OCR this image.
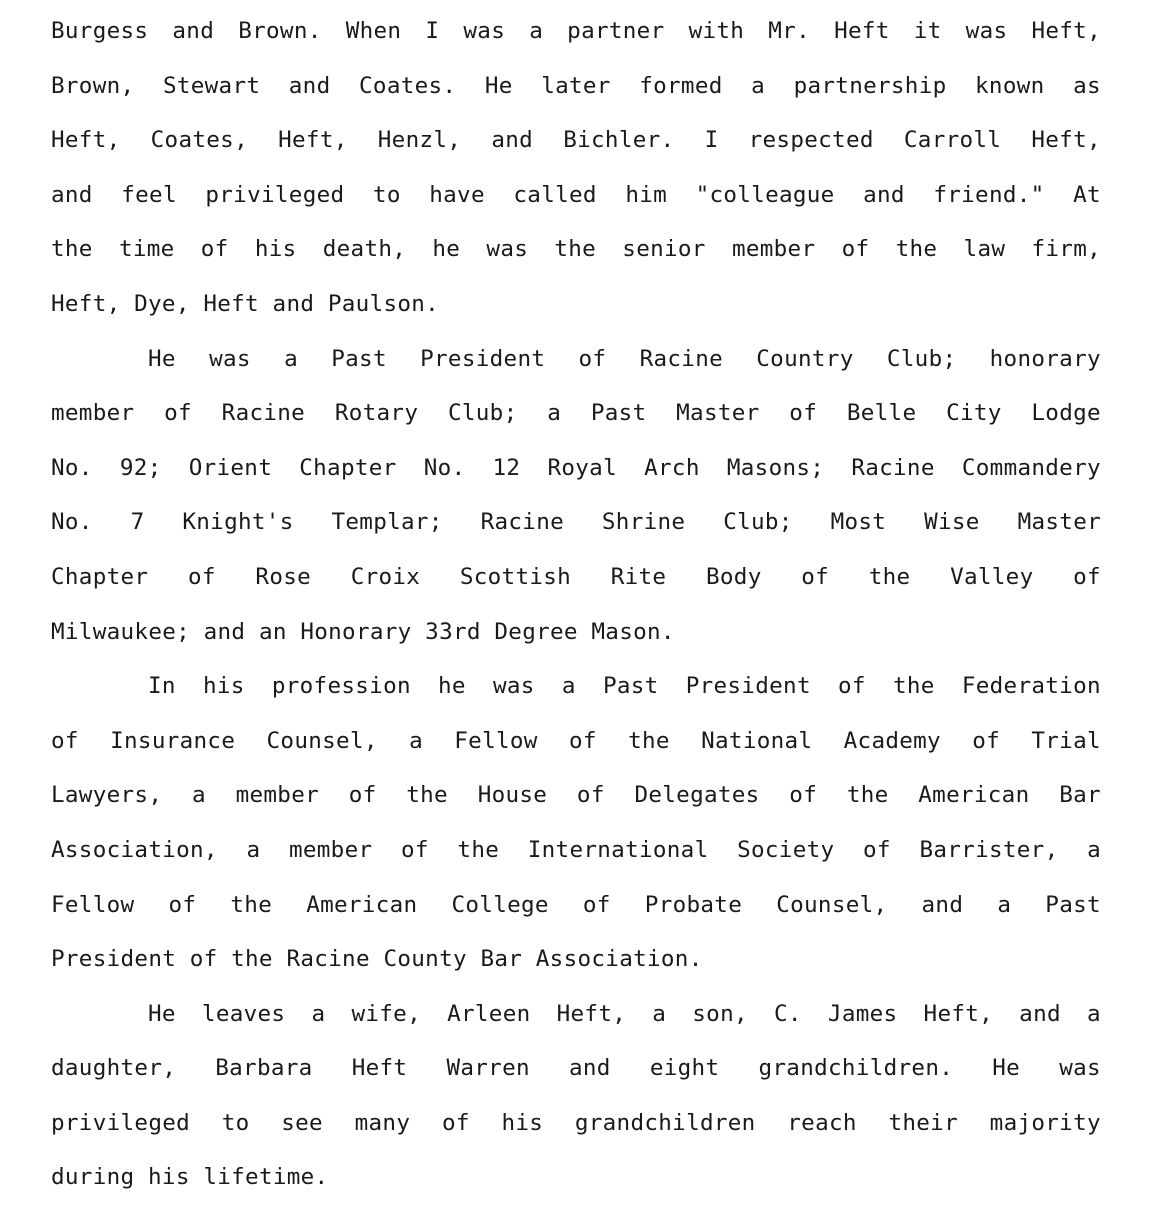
Burgess and Brown. When I was a partner with Mr. Heft it was Heft,
Brown, Stewart and Coates. He later formed a partnership known as
Heft, Coates, Heft, Henzl, and Bichler. I respected Carroll Heft,
and feel privileged to have called him "colleague and friend." At
the time of his death, he was the senior member of the law firm,
Heft, Dye, Heft and Paulson.
He was a Past President of Racine Country Club; honorary
member of Racine Rotary Club; a Past Master of Belle City Lodge
No. 92; Orient Chapter No. 12 Royal Arch Masons; Racine Commandery
No. 7 Knight's Templar; Racine Shrine Club; Most Wise Master
Chapter of Rose Croix Scottish Rite Body of the Valley of
Milwaukee; and an Honorary 33rd Degree Mason.
In his profession he was a Past President of the Federation
of Insurance Counsel, a Fellow of the National Academy of Trial
Lawyers, a member of the House of Delegates of the American Bar
Association, a member of the International Society of Barrister, a
Fellow of the American College of Probate Counsel, and a Past
President of the Racine County Bar Association.
He leaves a wife, Arleen Heft, a son, C. James Heft, and a
daughter, Barbara Heft Warren and eight grandchildren. He was
privileged to see many of his grandchildren reach their majority
during his lifetime.
